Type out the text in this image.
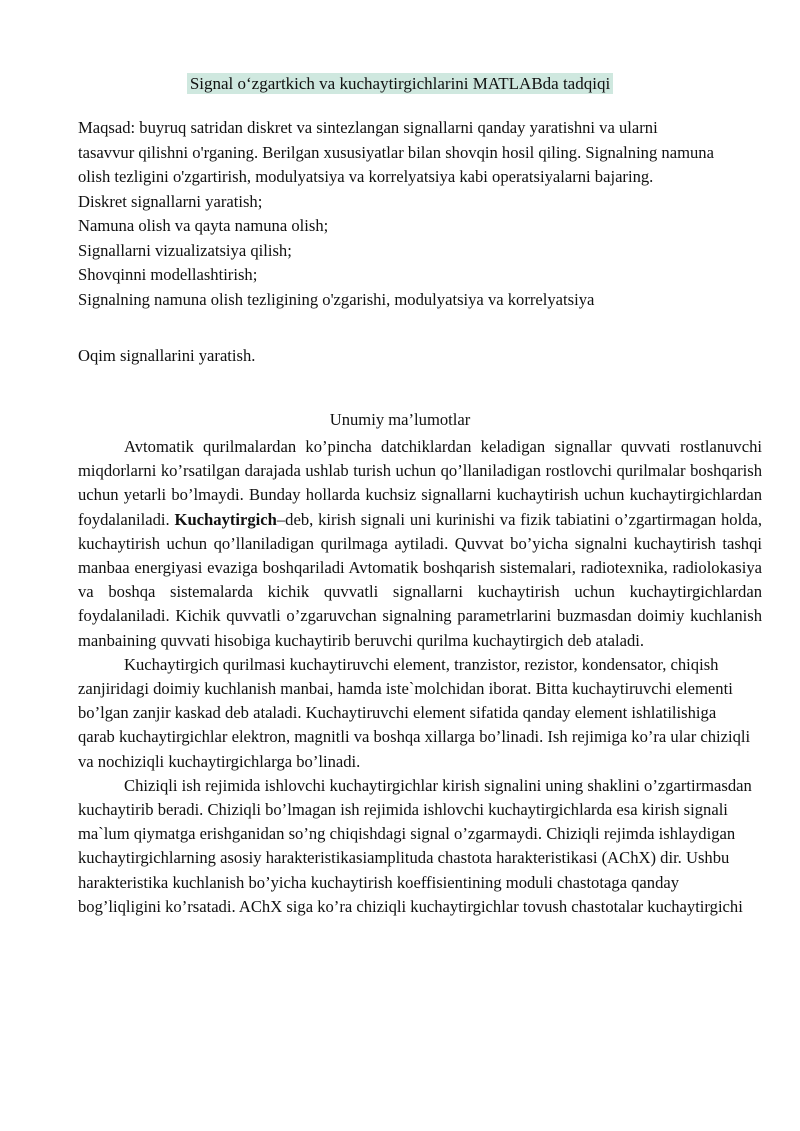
Signal o‘zgartkich va kuchaytirgichlarini MATLABda tadqiqi
Maqsad: buyruq satridan diskret va sintezlangan signallarni qanday yaratishni va ularni tasavvur qilishni o'rganing. Berilgan xususiyatlar bilan shovqin hosil qiling. Signalning namuna olish tezligini o'zgartirish, modulyatsiya va korrelyatsiya kabi operatsiyalarni bajaring.
Diskret signallarni yaratish;
Namuna olish va qayta namuna olish;
Signallarni vizualizatsiya qilish;
Shovqinni modellashtirish;
Signalning namuna olish tezligining o'zgarishi, modulyatsiya va korrelyatsiya
Oqim signallarini yaratish.
Unumiy ma’lumotlar

Avtomatik qurilmalardan ko’pincha datchiklardan keladigan signallar quvvati rostlanuvchi miqdorlarni ko’rsatilgan darajada ushlab turish uchun qo’llaniladigan rostlovchi qurilmalar boshqarish uchun yetarli bo’lmaydi. Bunday hollarda kuchsiz signallarni kuchaytirish uchun kuchaytirgichlardan foydalaniladi. Kuchaytirgich–deb, kirish signali uni kurinishi va fizik tabiatini o’zgartirmagan holda, kuchaytirish uchun qo’llaniladigan qurilmaga aytiladi. Quvvat bo’yicha signalni kuchaytirish tashqi manbaa energiyasi evaziga boshqariladi Avtomatik boshqarish sistemalari, radiotexnika, radiolokasiya va boshqa sistemalarda kichik quvvatli signallarni kuchaytirish uchun kuchaytirgichlardan foydalaniladi. Kichik quvvatli o’zgaruvchan signalning parametrlarini buzmasdan doimiy kuchlanish manbaining quvvati hisobiga kuchaytirib beruvchi qurilma kuchaytirgich deb ataladi.

Kuchaytirgich qurilmasi kuchaytiruvchi element, tranzistor, rezistor, kondensator, chiqish zanjiridagi doimiy kuchlanish manbai, hamda iste`molchidan iborat. Bitta kuchaytiruvchi elementi bo’lgan zanjir kaskad deb ataladi. Kuchaytiruvchi element sifatida qanday element ishlatilishiga qarab kuchaytirgichlar elektron, magnitli va boshqa xillarga bo’linadi. Ish rejimiga ko’ra ular chiziqli va nochiziqli kuchaytirgichlarga bo’linadi.

Chiziqli ish rejimida ishlovchi kuchaytirgichlar kirish signalini uning shaklini o’zgartirmasdan kuchaytirib beradi. Chiziqli bo’lmagan ish rejimida ishlovchi kuchaytirgichlarda esa kirish signali ma`lum qiymatga erishganidan so’ng chiqishdagi signal o’zgarmaydi. Chiziqli rejimda ishlaydigan kuchaytirgichlarning asosiy harakteristikasiamplituda chastota harakteristikasi (AChX) dir. Ushbu harakteristika kuchlanish bo’yicha kuchaytirish koeffisientining moduli chastotaga qanday bog’liqligini ko’rsatadi. AChX siga ko’ra chiziqli kuchaytirgichlar tovush chastotalar kuchaytirgichi
